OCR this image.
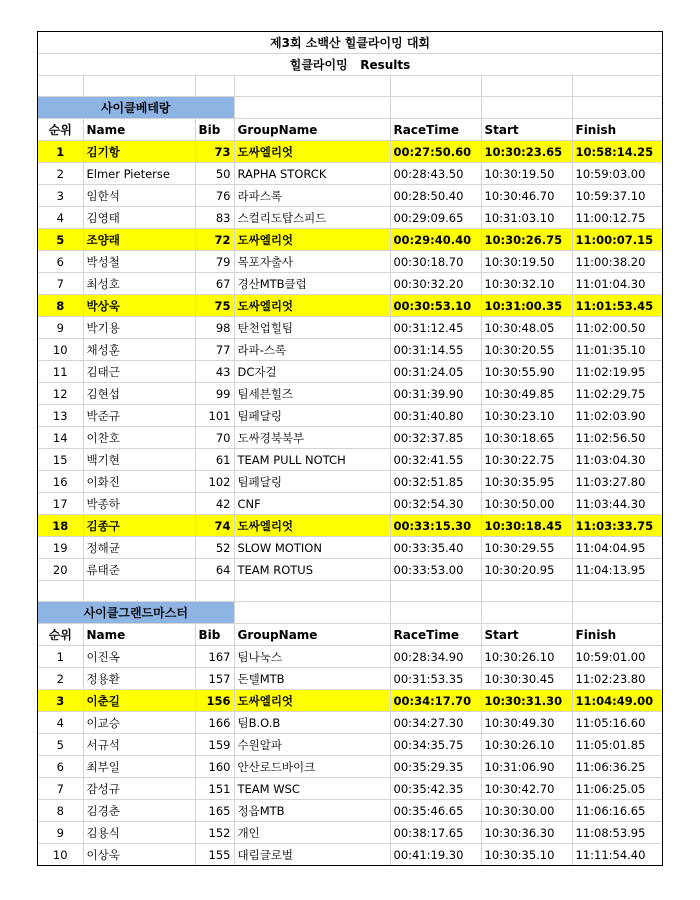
제3회 소백산 힐클라이밍 대회						
힐클라이밍   Results						

사이클베테랑						
순위	Name	Bib	GroupName	RaceTime	Start	Finish
1	김기항	73	도싸엘리엇	00:27:50.60	10:30:23.65	10:58:14.25
2	Elmer Pieterse	50	RAPHA STORCK	00:28:43.50	10:30:19.50	10:59:03.00
3	임한석	76	라파스록	00:28:50.40	10:30:46.70	10:59:37.10
4	김영태	83	스컬리도탑스피드	00:29:09.65	10:31:03.10	11:00:12.75
5	조양래	72	도싸엘리엇	00:29:40.40	10:30:26.75	11:00:07.15
6	박성철	79	목포자출사	00:30:18.70	10:30:19.50	11:00:38.20
7	최성호	67	경산MTB클럽	00:30:32.20	10:30:32.10	11:01:04.30
8	박상욱	75	도싸엘리엇	00:30:53.10	10:31:00.35	11:01:53.45
9	박기용	98	탄천업힐팀	00:31:12.45	10:30:48.05	11:02:00.50
10	채성훈	77	라파-스록	00:31:14.55	10:30:20.55	11:01:35.10
11	김태근	43	DC자걸	00:31:24.05	10:30:55.90	11:02:19.95
12	김현섭	99	팀세븐힐즈	00:31:39.90	10:30:49.85	11:02:29.75
13	박준규	101	팀페달링	00:31:40.80	10:30:23.10	11:02:03.90
14	이찬호	70	도싸경북북부	00:32:37.85	10:30:18.65	11:02:56.50
15	백기현	61	TEAM PULL NOTCH	00:32:41.55	10:30:22.75	11:03:04.30
16	이화진	102	팀페달링	00:32:51.85	10:30:35.95	11:03:27.80
17	박종하	42	CNF	00:32:54.30	10:30:50.00	11:03:44.30
18	김종구	74	도싸엘리엇	00:33:15.30	10:30:18.45	11:03:33.75
19	정해균	52	SLOW MOTION	00:33:35.40	10:30:29.55	11:04:04.95
20	류태준	64	TEAM ROTUS	00:33:53.00	10:30:20.95	11:04:13.95

사이클그랜드마스터						
순위	Name	Bib	GroupName	RaceTime	Start	Finish
1	이진옥	167	팀나눅스	00:28:34.90	10:30:26.10	10:59:01.00
2	정용환	157	돈텔MTB	00:31:53.35	10:30:30.45	11:02:23.80
3	이춘길	156	도싸엘리엇	00:34:17.70	10:30:31.30	11:04:49.00
4	이교승	166	팀B.O.B	00:34:27.30	10:30:49.30	11:05:16.60
5	서규석	159	수원알파	00:34:35.75	10:30:26.10	11:05:01.85
6	최부일	160	안산로드바이크	00:35:29.35	10:31:06.90	11:06:36.25
7	감성규	151	TEAM WSC	00:35:42.35	10:30:42.70	11:06:25.05
8	김경춘	165	정읍MTB	00:35:46.65	10:30:30.00	11:06:16.65
9	김용식	152	개인	00:38:17.65	10:30:36.30	11:08:53.95
10	이상욱	155	대림글로벌	00:41:19.30	10:30:35.10	11:11:54.40
